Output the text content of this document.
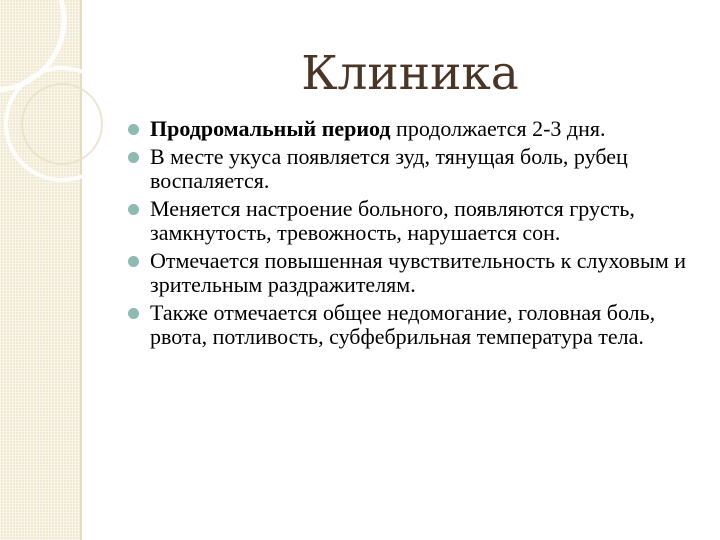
Клиника
Продромальный период продолжается 2-3 дня.
В месте укуса появляется зуд, тянущая боль, рубец воспаляется.
Меняется настроение больного, появляются грусть, замкнутость, тревожность, нарушается сон.
Отмечается повышенная чувствительность к слуховым и зрительным раздражителям.
Также отмечается общее недомогание, головная боль, рвота, потливость, субфебрильная температура тела.
